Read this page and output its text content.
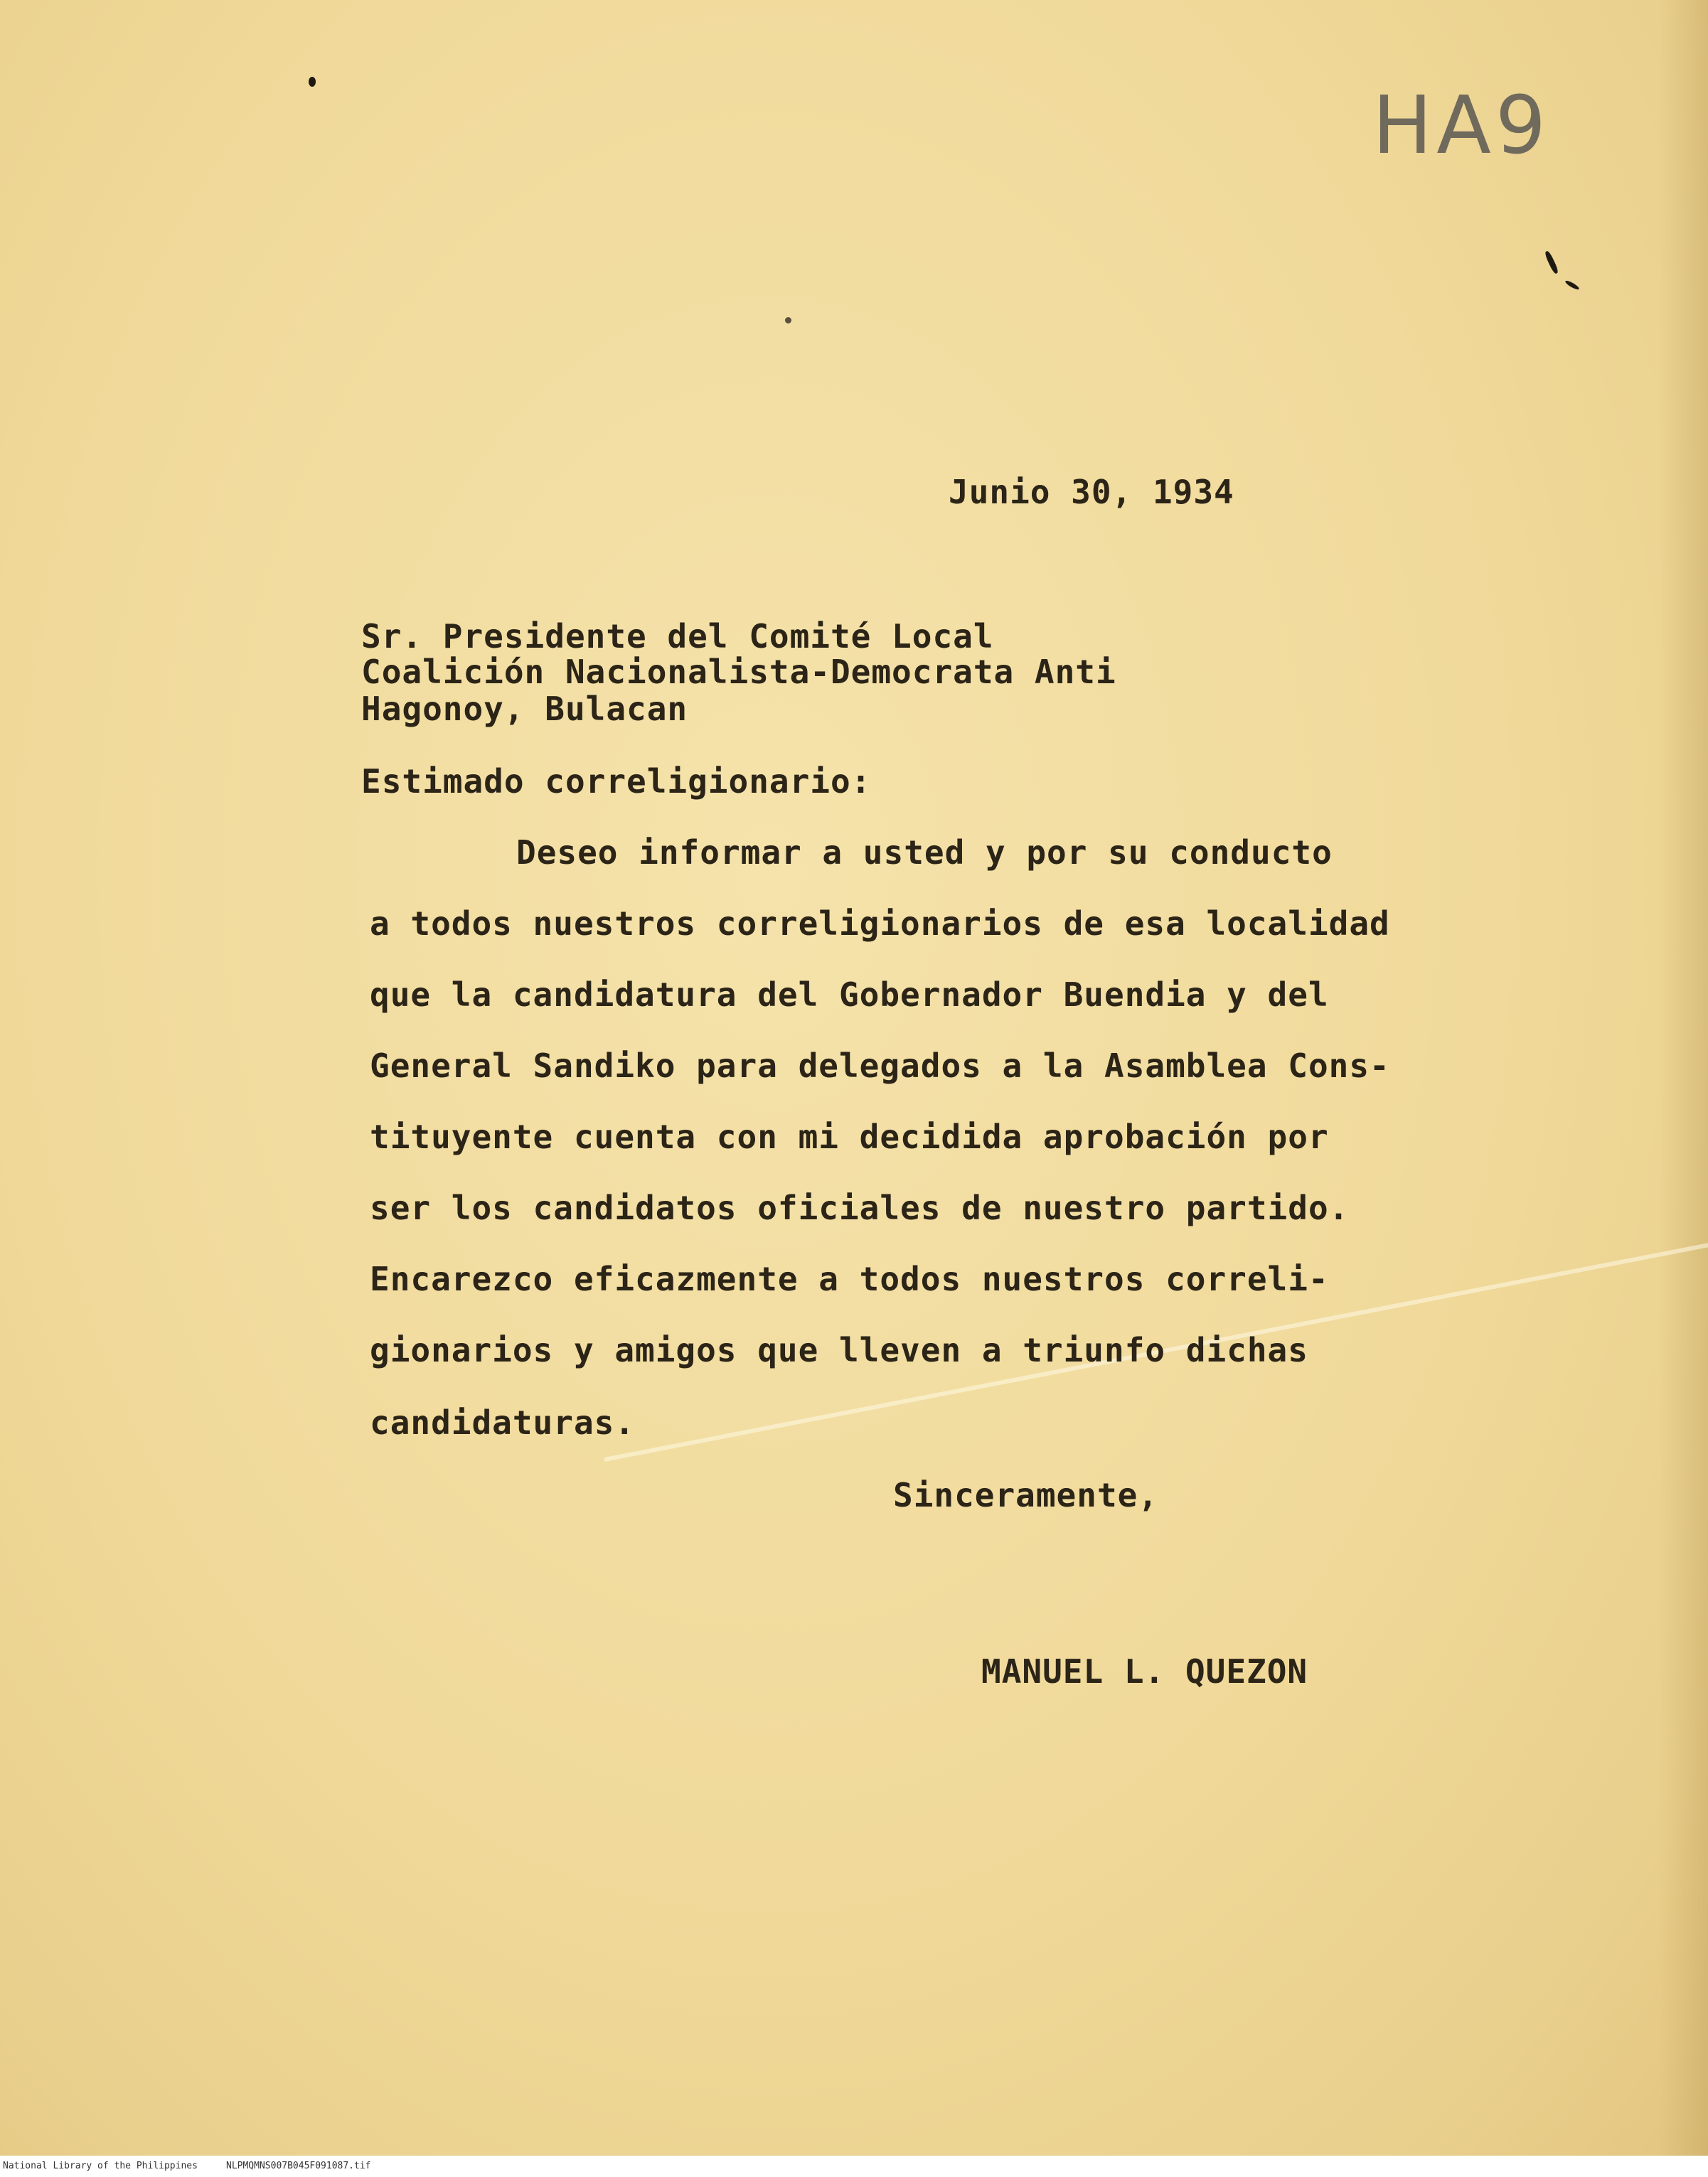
HA9

Junio 30, 1934

Sr. Presidente del Comité Local

Coalición Nacionalista-Democrata Anti

Hagonoy, Bulacan

Estimado correligionario:

Deseo informar a usted y por su conducto

a todos nuestros correligionarios de esa localidad

que la candidatura del Gobernador Buendia y del

General Sandiko para delegados a la Asamblea Cons-

tituyente cuenta con mi decidida aprobación por

ser los candidatos oficiales de nuestro partido.

Encarezco eficazmente a todos nuestros correli-

gionarios y amigos que lleven a triunfo dichas

candidaturas.

Sinceramente,

MANUEL L. QUEZON

National Library of the Philippines

	NLPMQMNS007B045F091087.tif
